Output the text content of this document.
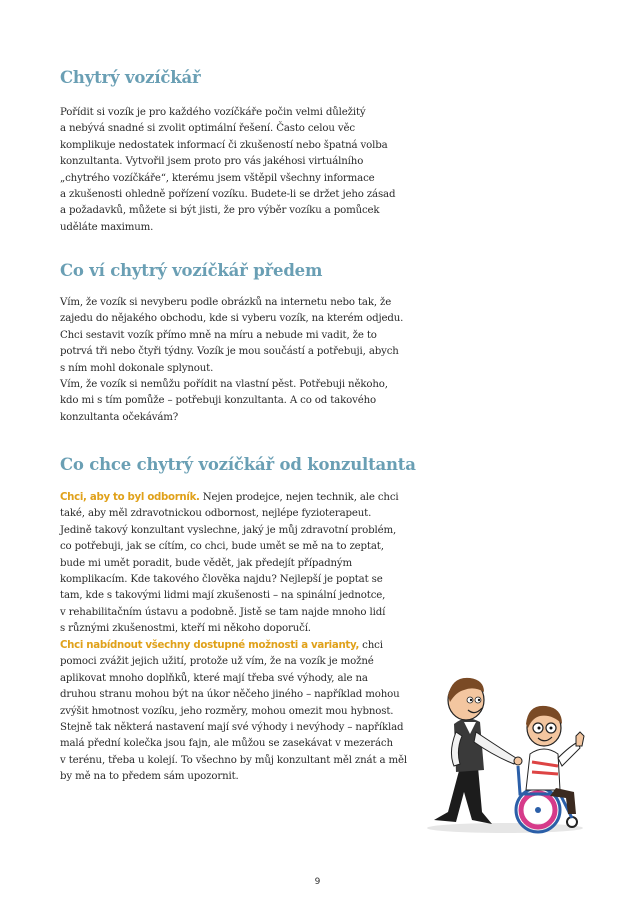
Chytrý vozíčkář

Pořídit si vozík je pro každého vozíčkáře počin velmi důležitý
a nebývá snadné si zvolit optimální řešení. Často celou věc
komplikuje nedostatek informací či zkušeností nebo špatná volba
konzultanta. Vytvořil jsem proto pro vás jakéhosi virtuálního
„chytrého vozíčkáře“, kterému jsem vštěpil všechny informace
a zkušenosti ohledně pořízení vozíku. Budete-li se držet jeho zásad
a požadavků, můžete si být jisti, že pro výběr vozíku a pomůcek
uděláte maximum.

Co ví chytrý vozíčkář předem

Vím, že vozík si nevyberu podle obrázků na internetu nebo tak, že
zajedu do nějakého obchodu, kde si vyberu vozík, na kterém odjedu.
Chci sestavit vozík přímo mně na míru a nebude mi vadit, že to
potrvá tři nebo čtyři týdny. Vozík je mou součástí a potřebuji, abych
s ním mohl dokonale splynout.
Vím, že vozík si nemůžu pořídit na vlastní pěst. Potřebuji někoho,
kdo mi s tím pomůže – potřebuji konzultanta. A co od takového
konzultanta očekávám?

Co chce chytrý vozíčkář od konzultanta

Chci, aby to byl odborník. Nejen prodejce, nejen technik, ale chci
také, aby měl zdravotnickou odbornost, nejlépe fyzioterapeut.
Jedině takový konzultant vyslechne, jaký je můj zdravotní problém,
co potřebuji, jak se cítím, co chci, bude umět se mě na to zeptat,
bude mi umět poradit, bude vědět, jak předejít případným
komplikacím. Kde takového člověka najdu? Nejlepší je poptat se
tam, kde s takovými lidmi mají zkušenosti – na spinální jednotce,
v rehabilitačním ústavu a podobně. Jistě se tam najde mnoho lidí
s různými zkušenostmi, kteří mi někoho doporučí.

Chci nabídnout všechny dostupné možnosti a varianty, chci
pomoci zvážit jejich užití, protože už vím, že na vozík je možné
aplikovat mnoho doplňků, které mají třeba své výhody, ale na
druhou stranu mohou být na úkor něčeho jiného – například mohou
zvýšit hmotnost vozíku, jeho rozměry, mohou omezit mou hybnost.
Stejně tak některá nastavení mají své výhody i nevýhody – například
malá přední kolečka jsou fajn, ale můžou se zasekávat v mezerách
v terénu, třeba u kolejí. To všechno by můj konzultant měl znát a měl
by mě na to předem sám upozornit.

9
